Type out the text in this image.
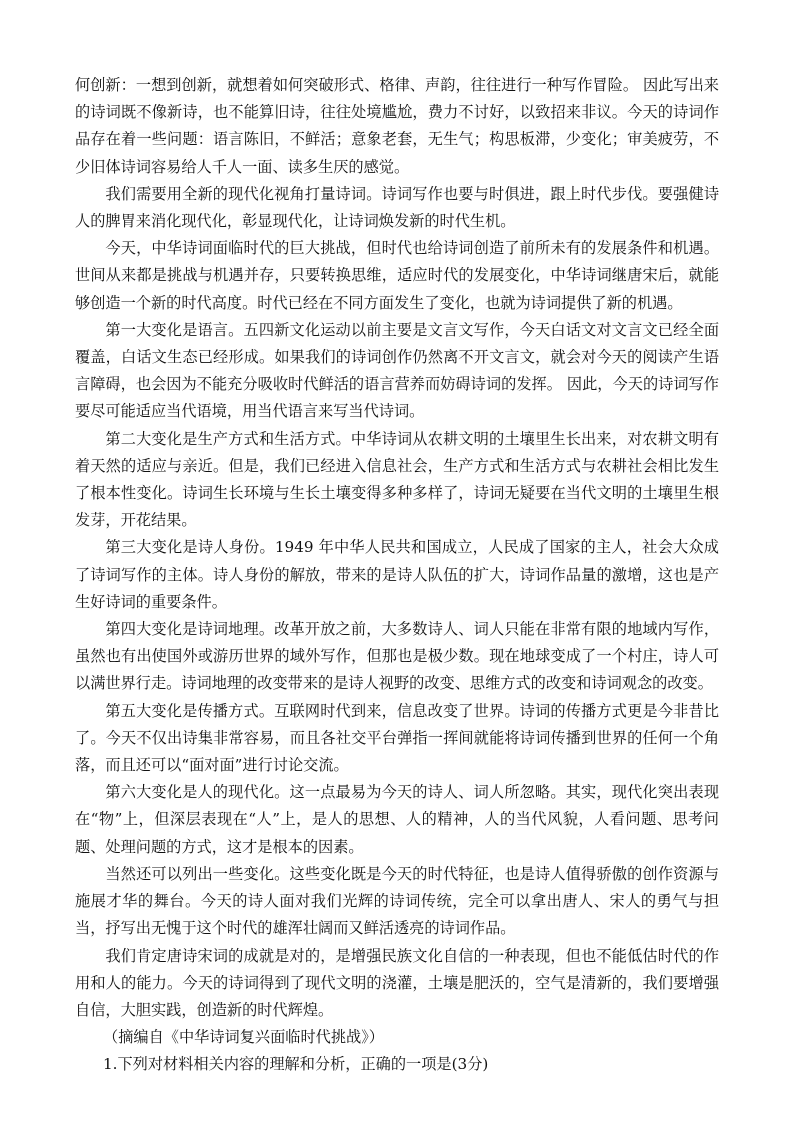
何创新：一想到创新，就想着如何突破形式、格律、声韵，往往进行一种写作冒险。 因此写出来的诗词既不像新诗，也不能算旧诗，往往处境尴尬，费力不讨好，以致招来非议。今天的诗词作品存在着一些问题：语言陈旧，不鲜活；意象老套，无生气；构思板滞，少变化；审美疲劳，不少旧体诗词容易给人千人一面、读多生厌的感觉。

我们需要用全新的现代化视角打量诗词。诗词写作也要与时俱进，跟上时代步伐。要强健诗人的脾胃来消化现代化，彰显现代化，让诗词焕发新的时代生机。

今天，中华诗词面临时代的巨大挑战，但时代也给诗词创造了前所未有的发展条件和机遇。世间从来都是挑战与机遇并存，只要转换思维，适应时代的发展变化，中华诗词继唐宋后，就能够创造一个新的时代高度。时代已经在不同方面发生了变化，也就为诗词提供了新的机遇。

第一大变化是语言。五四新文化运动以前主要是文言文写作，今天白话文对文言文已经全面覆盖，白话文生态已经形成。如果我们的诗词创作仍然离不开文言文，就会对今天的阅读产生语言障碍，也会因为不能充分吸收时代鲜活的语言营养而妨碍诗词的发挥。 因此，今天的诗词写作要尽可能适应当代语境，用当代语言来写当代诗词。

第二大变化是生产方式和生活方式。中华诗词从农耕文明的土壤里生长出来，对农耕文明有着天然的适应与亲近。但是，我们已经进入信息社会，生产方式和生活方式与农耕社会相比发生了根本性变化。诗词生长环境与生长土壤变得多种多样了，诗词无疑要在当代文明的土壤里生根发芽，开花结果。

第三大变化是诗人身份。1949 年中华人民共和国成立，人民成了国家的主人，社会大众成了诗词写作的主体。诗人身份的解放，带来的是诗人队伍的扩大，诗词作品量的激增，这也是产生好诗词的重要条件。

第四大变化是诗词地理。改革开放之前，大多数诗人、词人只能在非常有限的地域内写作，虽然也有出使国外或游历世界的域外写作，但那也是极少数。现在地球变成了一个村庄，诗人可以满世界行走。诗词地理的改变带来的是诗人视野的改变、思维方式的改变和诗词观念的改变。

第五大变化是传播方式。互联网时代到来，信息改变了世界。诗词的传播方式更是今非昔比了。今天不仅出诗集非常容易，而且各社交平台弹指一挥间就能将诗词传播到世界的任何一个角落，而且还可以“面对面”进行讨论交流。

第六大变化是人的现代化。这一点最易为今天的诗人、词人所忽略。其实，现代化突出表现在“物”上，但深层表现在“人”上，是人的思想、人的精神，人的当代风貌，人看问题、思考问题、处理问题的方式，这才是根本的因素。

当然还可以列出一些变化。这些变化既是今天的时代特征，也是诗人值得骄傲的创作资源与施展才华的舞台。今天的诗人面对我们光辉的诗词传统，完全可以拿出唐人、宋人的勇气与担当，抒写出无愧于这个时代的雄浑壮阔而又鲜活透亮的诗词作品。

我们肯定唐诗宋词的成就是对的，是增强民族文化自信的一种表现，但也不能低估时代的作用和人的能力。今天的诗词得到了现代文明的浇灌，土壤是肥沃的，空气是清新的，我们要增强自信，大胆实践，创造新的时代辉煌。

（摘编自《中华诗词复兴面临时代挑战》）

1.下列对材料相关内容的理解和分析，正确的一项是(3分)
